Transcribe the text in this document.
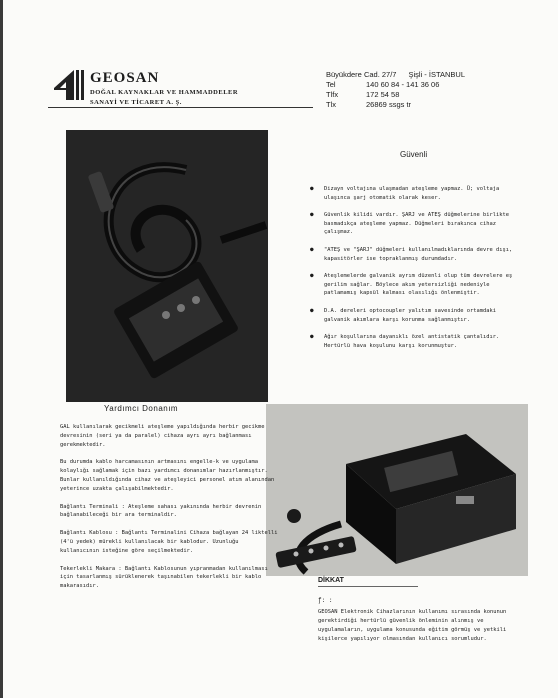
GEOSAN
DOĞAL KAYNAKLAR VE HAMMADDELER
SANAYİ VE TİCARET A. Ş.
Büyükdere Cad. 27/7 Şişli - İSTANBUL
Tel	140 60 84 - 141 36 06
Tlfx	172 54 58
Tlx	26869 ssgs tr
Yardımcı Donanım
Güvenli
● Dizayn voltajına ulaşmadan ateşleme yapmaz. Ü; voltaja ulaşınca şarj otomatik olarak keser.
● Güvenlik kilidi vardır. ŞARJ ve ATEŞ düğmelerine birlikte basmadıkça ateşleme yapmaz. Düğmeleri bırakınca cihaz çalışmaz.
● "ATEŞ ve "ŞARJ" düğmeleri kullanılmadıklarında devre dışı, kapasitörler ise topraklanmış durumdadır.
● Ateşlemelerde galvanik ayrım düzenli olup tüm devrelere eş gerilim sağlar. Böylece akım yetersizliği nedeniyle patlamamış kapsül kalması olasılığı önlenmiştir.
● D.A. dereleri optocoupler yalıtım savesinde ortamdaki galvanik akımlara karşı korunma sağlanmıştır.
● Ağır koşullarına dayanıklı özel antistatik çantalıdır. Hertürlü hava koşulunu karşı korunmuştur.

GAL kullanılarak gecikmeli ateşleme yapıldığında herbir gecikme devresinin (seri ya da paralel) cihaza ayrı ayrı bağlanması gerekmektedir.

Bu durumda kablo harcamasının artmasını engelle-k ve uygulama kolaylığı sağlamak için bazı yardımcı donanımlar hazırlanmıştır. Bunlar kullanıldığında cihaz ve ateşleyici personel atım alanından yeterince uzakta çalışabilmektedir.

Bağlantı Terminali : Ateşleme sahası yakınında herbir devrenin bağlanabileceği bir ara terminaldir.

Bağlantı Kablosu : Bağlantı Terminalini Cihaza bağlayan 24 liktelli (4'ü yedek) mürekli kullanılacak bir kablodur. Uzunluğu kullanıcının isteğine göre seçilmektedir.

Tekerlekli Makara : Bağlantı Kablosunun yıpranmadan kullanılması için tasarlanmış sürüklenerek taşınabilen tekerlekli bir kablo makarasıdır.

DİKKAT
ƒ: :
GEOSAN Elektronik Cihazlarının kullanımı sırasında konunun gerektirdiği hertürlü güvenlik önleminin alınmış ve uygulamaların, uygulama konusunda eğitim görmüş ve yetkili kişilerce yapılıyor olmasından kullanıcı sorumludur.
